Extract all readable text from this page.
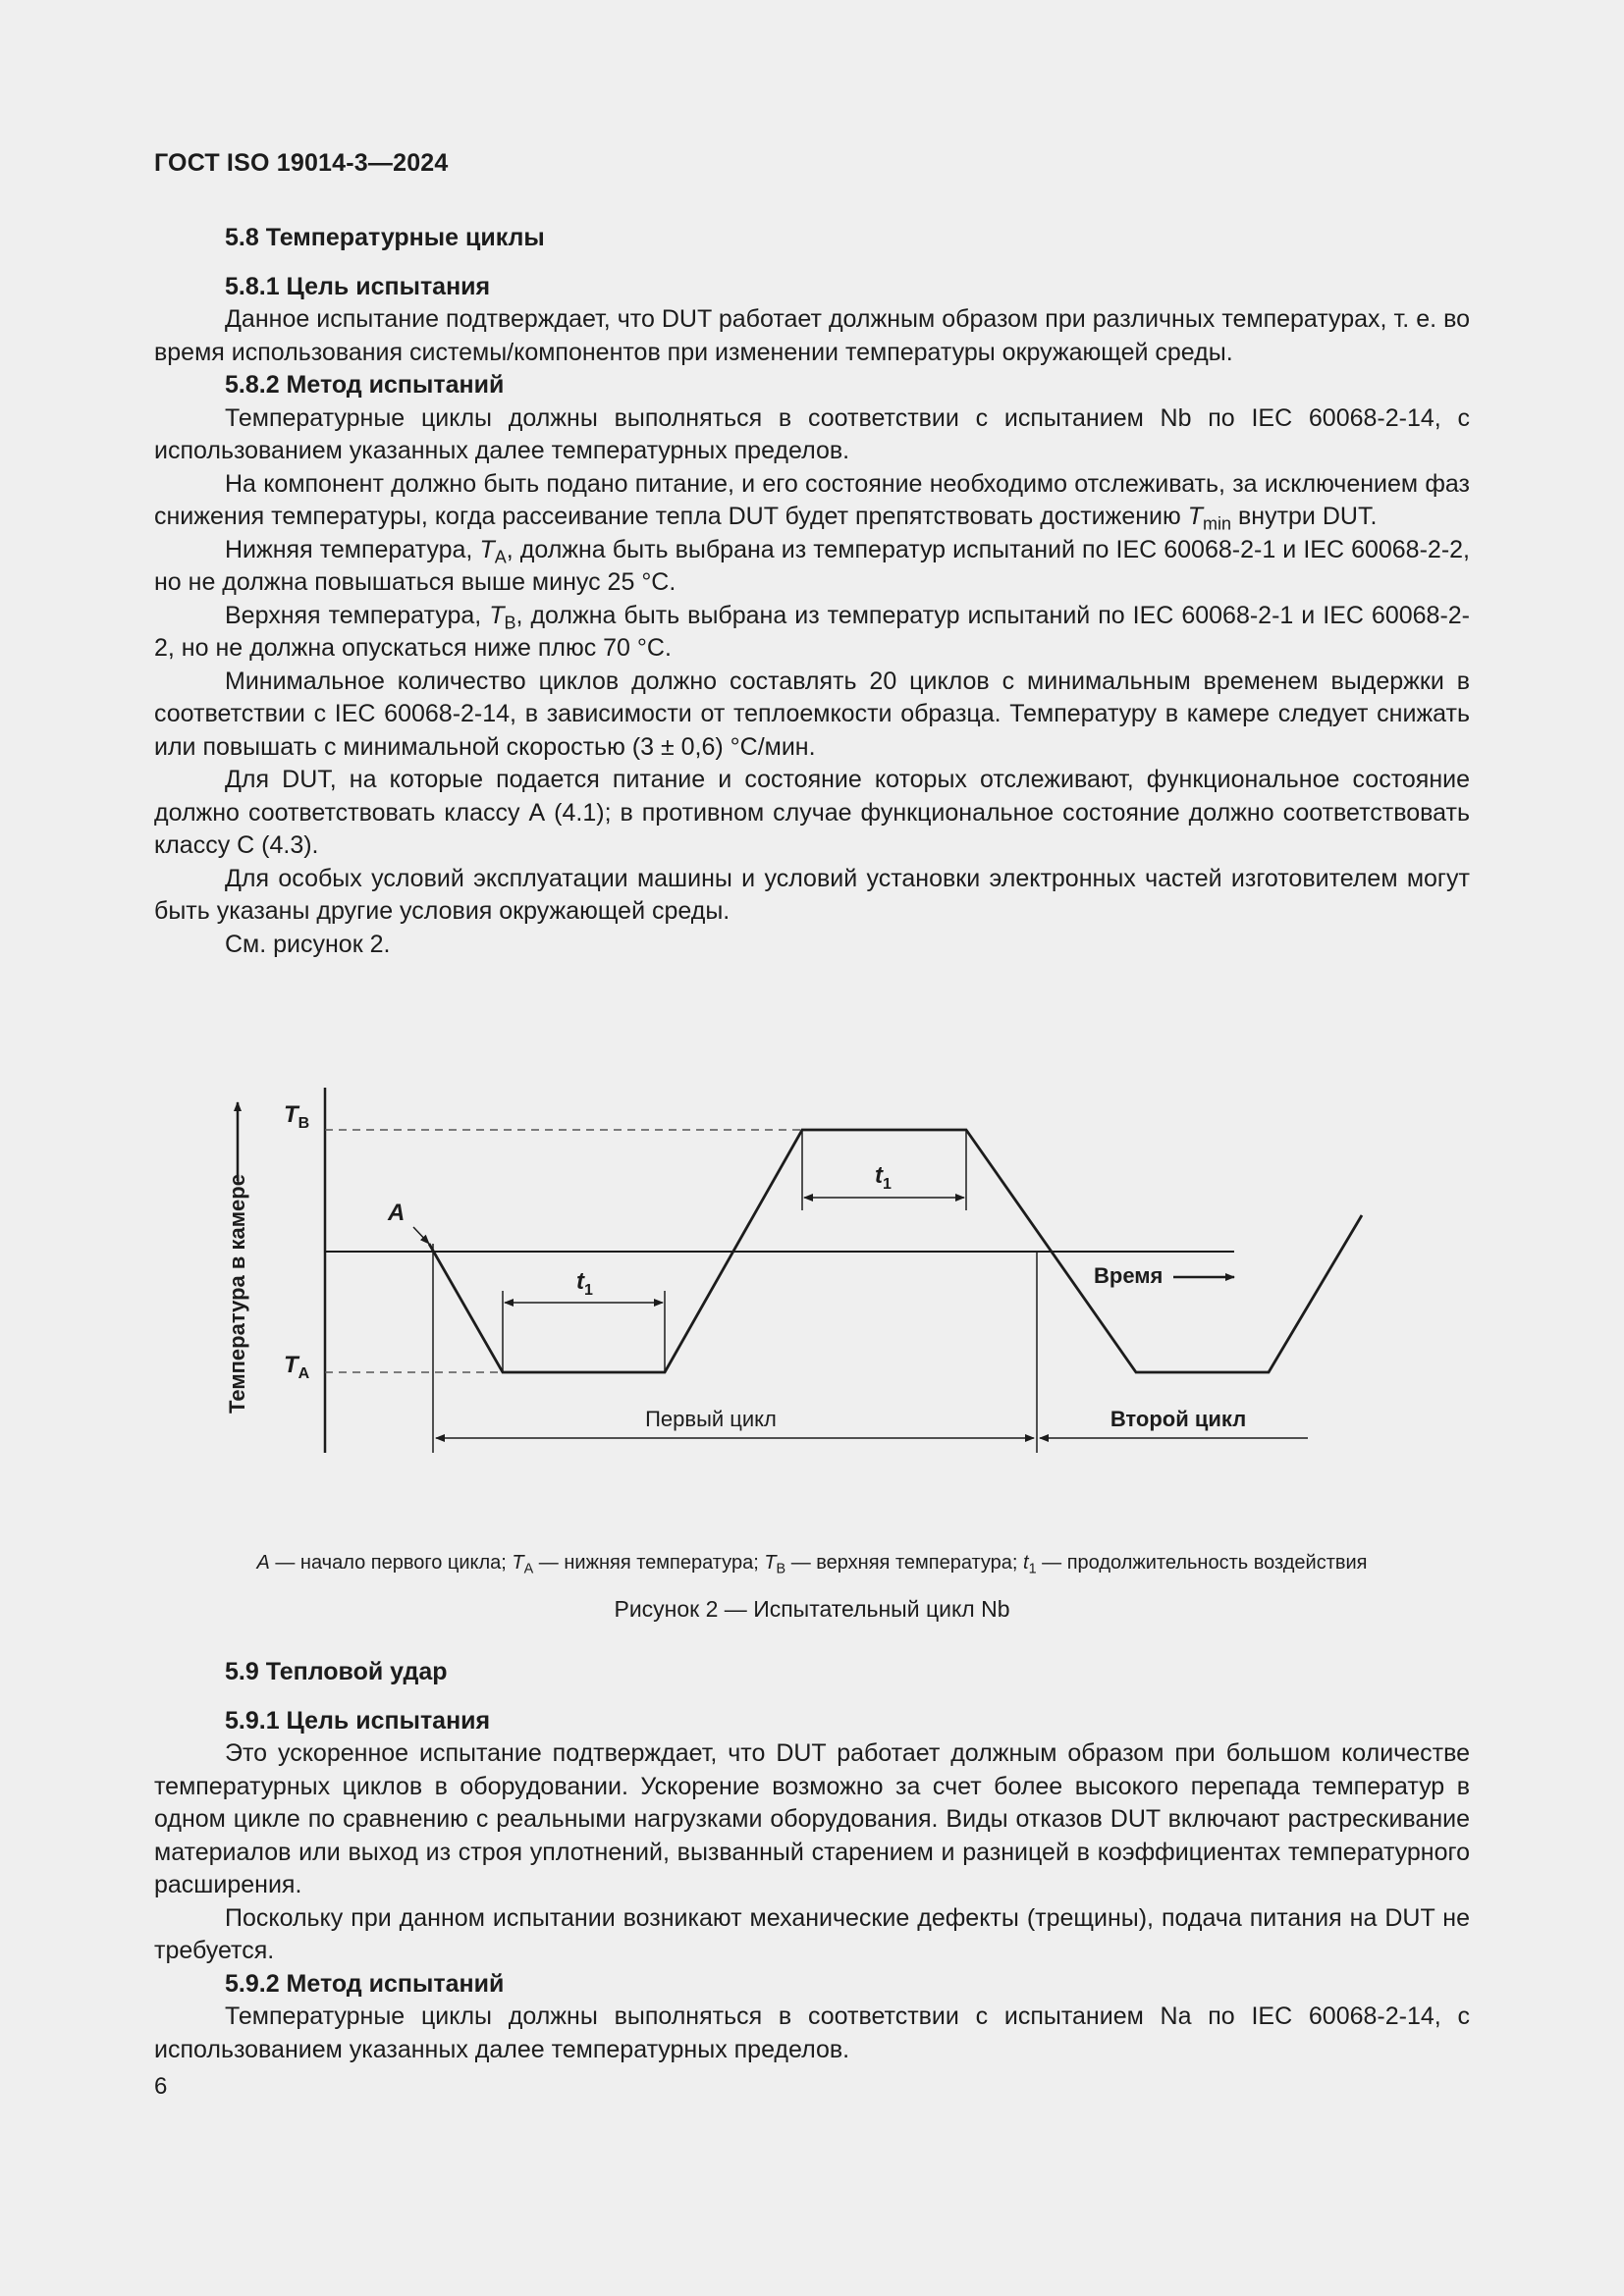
ГОСТ ISO 19014-3—2024
5.8 Температурные циклы
5.8.1 Цель испытания

Данное испытание подтверждает, что DUT работает должным образом при различных температурах, т. е. во время использования системы/компонентов при изменении температуры окружающей среды.

5.8.2 Метод испытаний

Температурные циклы должны выполняться в соответствии с испытанием Nb по IEC 60068-2-14, с использованием указанных далее температурных пределов.

На компонент должно быть подано питание, и его состояние необходимо отслеживать, за исключением фаз снижения температуры, когда рассеивание тепла DUT будет препятствовать достижению $T_{min}$ внутри DUT.

Нижняя температура, $T_A$, должна быть выбрана из температур испытаний по IEC 60068-2-1 и IEC 60068-2-2, но не должна повышаться выше минус 25 °С.

Верхняя температура, $T_B$, должна быть выбрана из температур испытаний по IEC 60068-2-1 и IEC 60068-2-2, но не должна опускаться ниже плюс 70 °С.

Минимальное количество циклов должно составлять 20 циклов с минимальным временем выдержки в соответствии с IEC 60068-2-14, в зависимости от теплоемкости образца. Температуру в камере следует снижать или повышать с минимальной скоростью (3 ± 0,6) °С/мин.

Для DUT, на которые подается питание и состояние которых отслеживают, функциональное состояние должно соответствовать классу А (4.1); в противном случае функциональное состояние должно соответствовать классу С (4.3).

Для особых условий эксплуатации машины и условий установки электронных частей изготовителем могут быть указаны другие условия окружающей среды.

См. рисунок 2.

Температура в камере
$T_B$
$T_A$
A
$t_1$
$t_1$
Время
Первый цикл	Второй цикл
A — начало первого цикла; $T_A$ — нижняя температура; $T_B$ — верхняя температура; $t_1$ — продолжительность воздействия
Рисунок 2 — Испытательный цикл Nb
5.9 Тепловой удар
5.9.1 Цель испытания

Это ускоренное испытание подтверждает, что DUT работает должным образом при большом количестве температурных циклов в оборудовании. Ускорение возможно за счет более высокого перепада температур в одном цикле по сравнению с реальными нагрузками оборудования. Виды отказов DUT включают растрескивание материалов или выход из строя уплотнений, вызванный старением и разницей в коэффициентах температурного расширения.

Поскольку при данном испытании возникают механические дефекты (трещины), подача питания на DUT не требуется.

5.9.2 Метод испытаний

Температурные циклы должны выполняться в соответствии с испытанием Na по IEC 60068-2-14, с использованием указанных далее температурных пределов.

6
